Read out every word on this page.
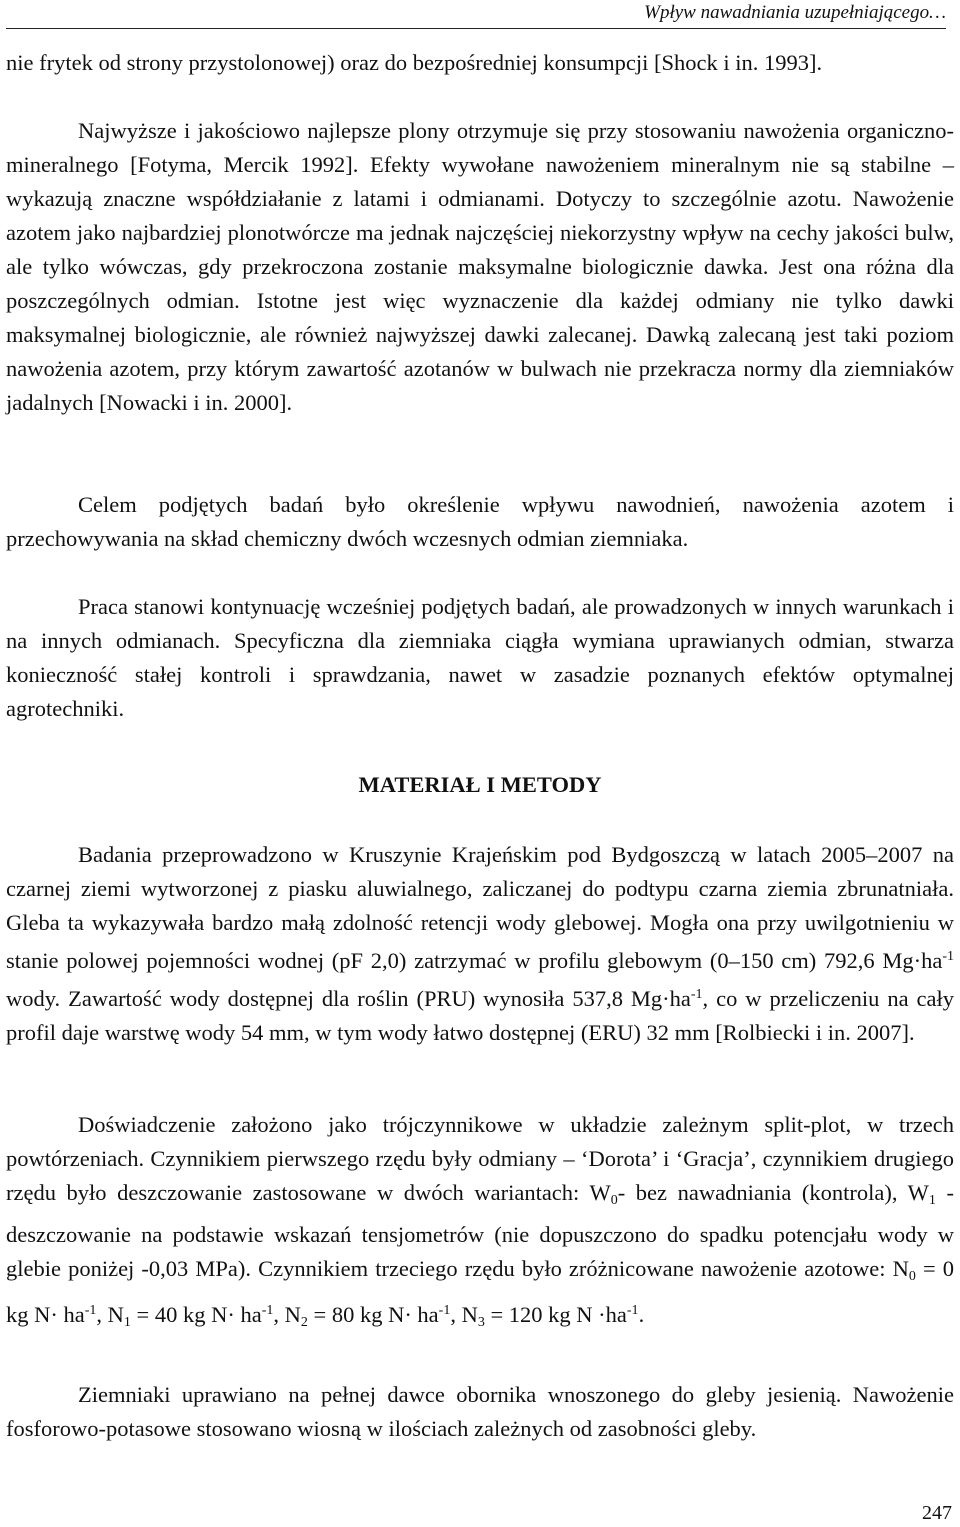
Wpływ nawadniania uzupełniającego…

nie frytek od strony przystolonowej) oraz do bezpośredniej konsumpcji [Shock i in. 1993].

Najwyższe i jakościowo najlepsze plony otrzymuje się przy stosowaniu nawożenia organiczno-mineralnego [Fotyma, Mercik 1992]. Efekty wywołane nawożeniem mineralnym nie są stabilne – wykazują znaczne współdziałanie z latami i odmianami. Dotyczy to szczególnie azotu. Nawożenie azotem jako najbardziej plonotwórcze ma jednak najczęściej niekorzystny wpływ na cechy jakości bulw, ale tylko wówczas, gdy przekroczona zostanie maksymalne biologicznie dawka. Jest ona różna dla poszczególnych odmian. Istotne jest więc wyznaczenie dla każdej odmiany nie tylko dawki maksymalnej biologicznie, ale również najwyższej dawki zalecanej. Dawką zalecaną jest taki poziom nawożenia azotem, przy którym zawartość azotanów w bulwach nie przekracza normy dla ziemniaków jadalnych [Nowacki i in. 2000].

Celem podjętych badań było określenie wpływu nawodnień, nawożenia azotem i przechowywania na skład chemiczny dwóch wczesnych odmian ziemniaka.

Praca stanowi kontynuację wcześniej podjętych badań, ale prowadzonych w innych warunkach i na innych odmianach. Specyficzna dla ziemniaka ciągła wymiana uprawianych odmian, stwarza konieczność stałej kontroli i sprawdzania, nawet w zasadzie poznanych efektów optymalnej agrotechniki.

MATERIAŁ I METODY

Badania przeprowadzono w Kruszynie Krajeńskim pod Bydgoszczą w latach 2005–2007 na czarnej ziemi wytworzonej z piasku aluwialnego, zaliczanej do podtypu czarna ziemia zbrunatniała. Gleba ta wykazywała bardzo małą zdolność retencji wody glebowej. Mogła ona przy uwilgotnieniu w stanie polowej pojemności wodnej (pF 2,0) zatrzymać w profilu glebowym (0–150 cm) 792,6 $Mg\cdot ha^{-1}$ wody. Zawartość wody dostępnej dla roślin (PRU) wynosiła 537,8 $Mg\cdot ha^{-1}$, co w przeliczeniu na cały profil daje warstwę wody 54 mm, w tym wody łatwo dostępnej (ERU) 32 mm [Rolbiecki i in. 2007].

Doświadczenie założono jako trójczynnikowe w układzie zależnym split-plot, w trzech powtórzeniach. Czynnikiem pierwszego rzędu były odmiany – ‘Dorota’ i ‘Gracja’, czynnikiem drugiego rzędu było deszczowanie zastosowane w dwóch wariantach: $W_0-$ bez nawadniania (kontrola), $W_1$ - deszczowanie na podstawie wskazań tensjometrów (nie dopuszczono do spadku potencjału wody w glebie poniżej -0,03 MPa). Czynnikiem trzeciego rzędu było zróżnicowane nawożenie azotowe: $N_0 = 0$ kg $N\cdot ha^{-1}$, $N_1 = 40$ kg $N\cdot ha^{-1}$, $N_2 = 80$ kg $N\cdot ha^{-1}$, $N_3 = 120$ kg $N \cdot ha^{-1}$.

Ziemniaki uprawiano na pełnej dawce obornika wnoszonego do gleby jesienią. Nawożenie fosforowo-potasowe stosowano wiosną w ilościach zależnych od zasobności gleby.

247
